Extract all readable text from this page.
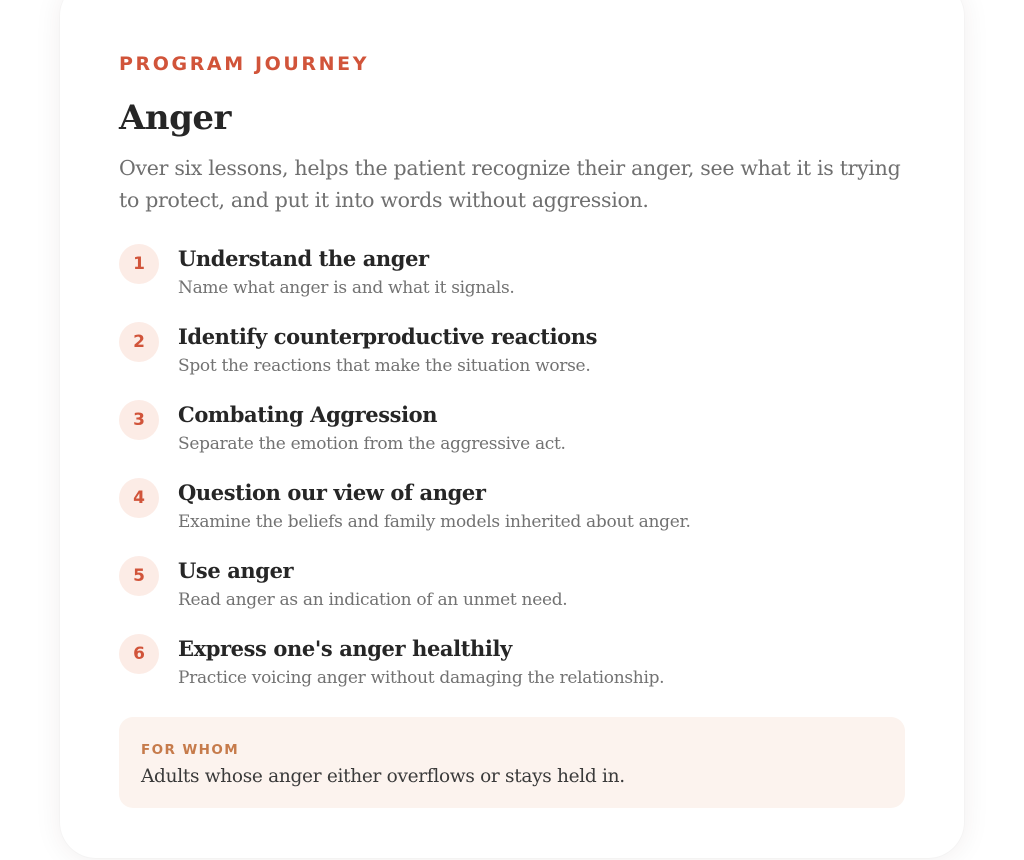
PROGRAM JOURNEY

Anger

Over six lessons, helps the patient recognize their anger, see what it is trying to protect, and put it into words without aggression.

1	Understand the anger

Name what anger is and what it signals.

2	Identify counterproductive reactions

Spot the reactions that make the situation worse.

3	Combating Aggression

Separate the emotion from the aggressive act.

4	Question our view of anger

Examine the beliefs and family models inherited about anger.

5	Use anger

Read anger as an indication of an unmet need.

6	Express one's anger healthily

Practice voicing anger without damaging the relationship.

FOR WHOM

Adults whose anger either overflows or stays held in.
